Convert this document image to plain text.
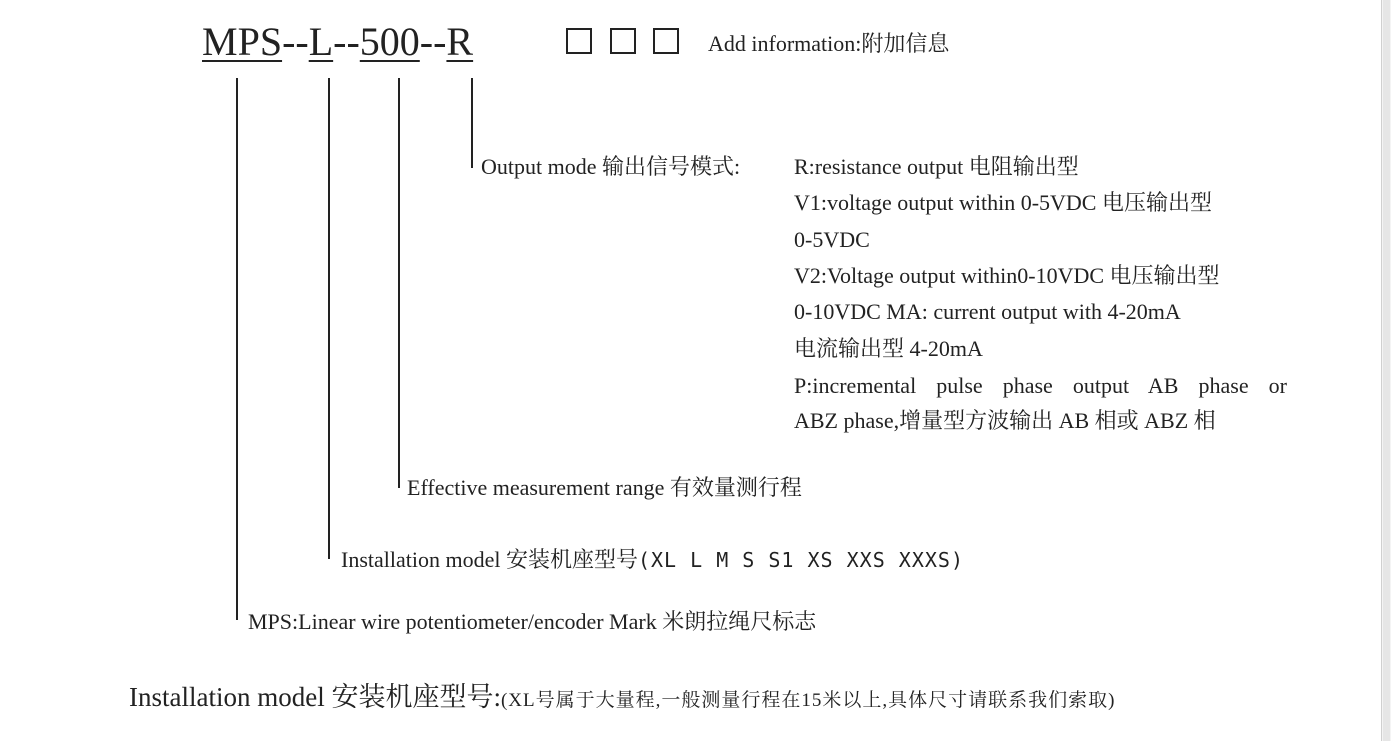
MPS--L--500--R	Add information:附加信息
Output mode 输出信号模式: R:resistance output 电阻输出型
V1:voltage output within 0-5VDC 电压输出型
0-5VDC
V2:Voltage output within0-10VDC 电压输出型
0-10VDC MA: current output with 4-20mA
电流输出型 4-20mA
P:incremental pulse phase output AB phase or
ABZ phase,增量型方波输出 AB 相或 ABZ 相
Effective measurement range 有效量测行程
Installation model 安装机座型号(XL L M S S1 XS XXS XXXS)
MPS:Linear wire potentiometer/encoder Mark 米朗拉绳尺标志
Installation model 安装机座型号:(XL号属于大量程,一般测量行程在15米以上,具体尺寸请联系我们索取)
